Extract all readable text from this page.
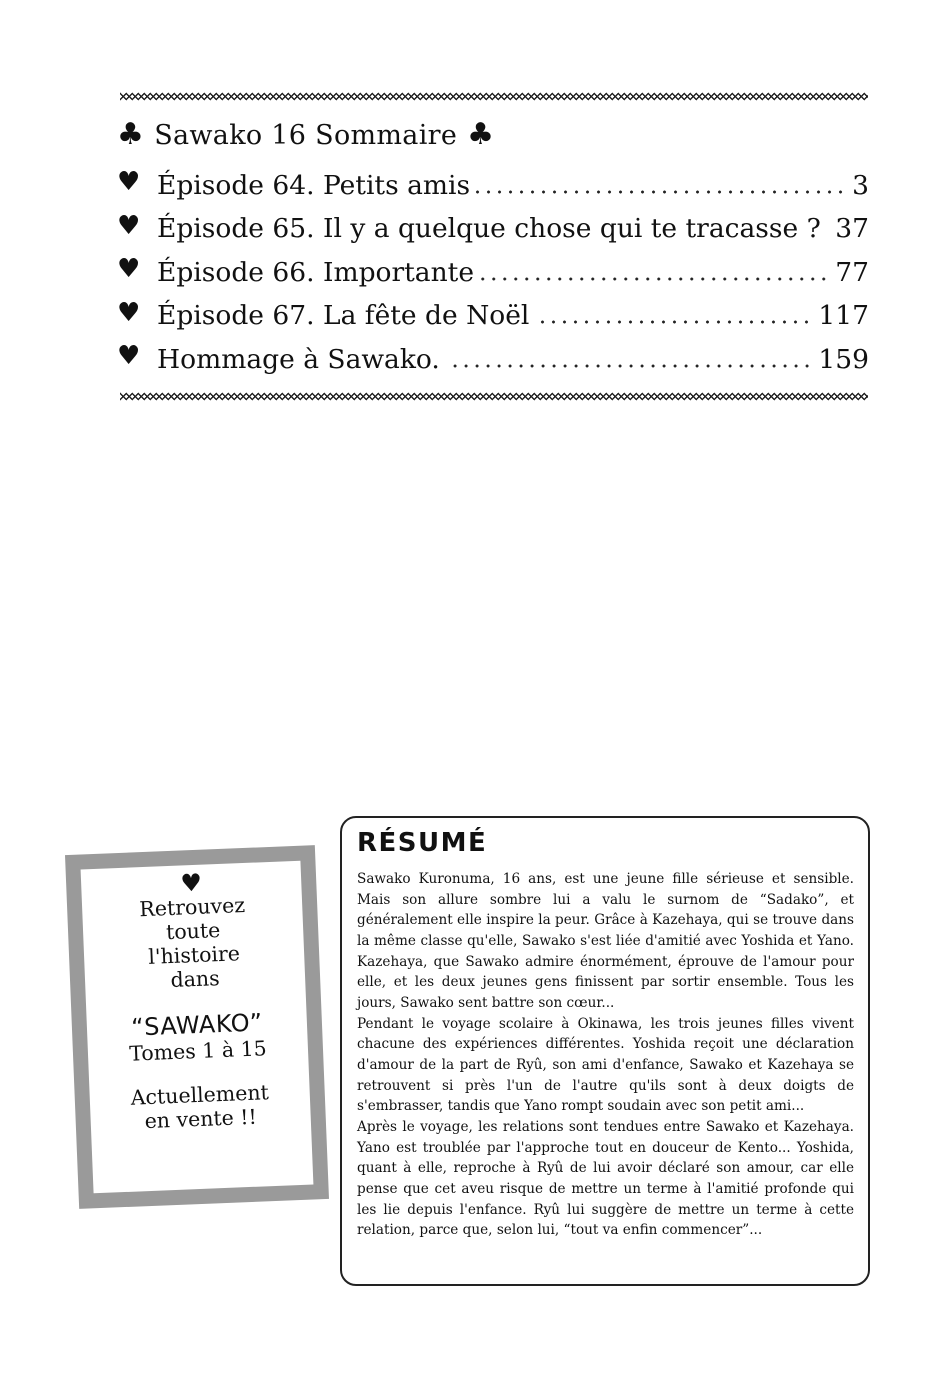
♣ Sawako 16 Sommaire ♣
♥ Épisode 64. Petits amis	3
♥ Épisode 65. Il y a quelque chose qui te tracasse ? 37
♥ Épisode 66. Importante	77
♥ Épisode 67. La fête de Noël	117
♥ Hommage à Sawako.	159
♥
Retrouvez
toute
l'histoire
dans
“SAWAKO”
Tomes 1 à 15
Actuellement
en vente !!
RÉSUMÉ

Sawako Kuronuma, 16 ans, est une jeune fille sérieuse et sensible. Mais son allure sombre lui a valu le surnom de “Sadako”, et généralement elle inspire la peur. Grâce à Kazehaya, qui se trouve dans la même classe qu'elle, Sawako s'est liée d'amitié avec Yoshida et Yano. Kazehaya, que Sawako admire énormément, éprouve de l'amour pour elle, et les deux jeunes gens finissent par sortir ensemble. Tous les jours, Sawako sent battre son cœur...

Pendant le voyage scolaire à Okinawa, les trois jeunes filles vivent chacune des expériences différentes. Yoshida reçoit une déclaration d'amour de la part de Ryû, son ami d'enfance, Sawako et Kazehaya se retrouvent si près l'un de l'autre qu'ils sont à deux doigts de s'embrasser, tandis que Yano rompt soudain avec son petit ami...

Après le voyage, les relations sont tendues entre Sawako et Kazehaya. Yano est troublée par l'approche tout en douceur de Kento... Yoshida, quant à elle, reproche à Ryû de lui avoir déclaré son amour, car elle pense que cet aveu risque de mettre un terme à l'amitié profonde qui les lie depuis l'enfance. Ryû lui suggère de mettre un terme à cette relation, parce que, selon lui, “tout va enfin commencer”...
